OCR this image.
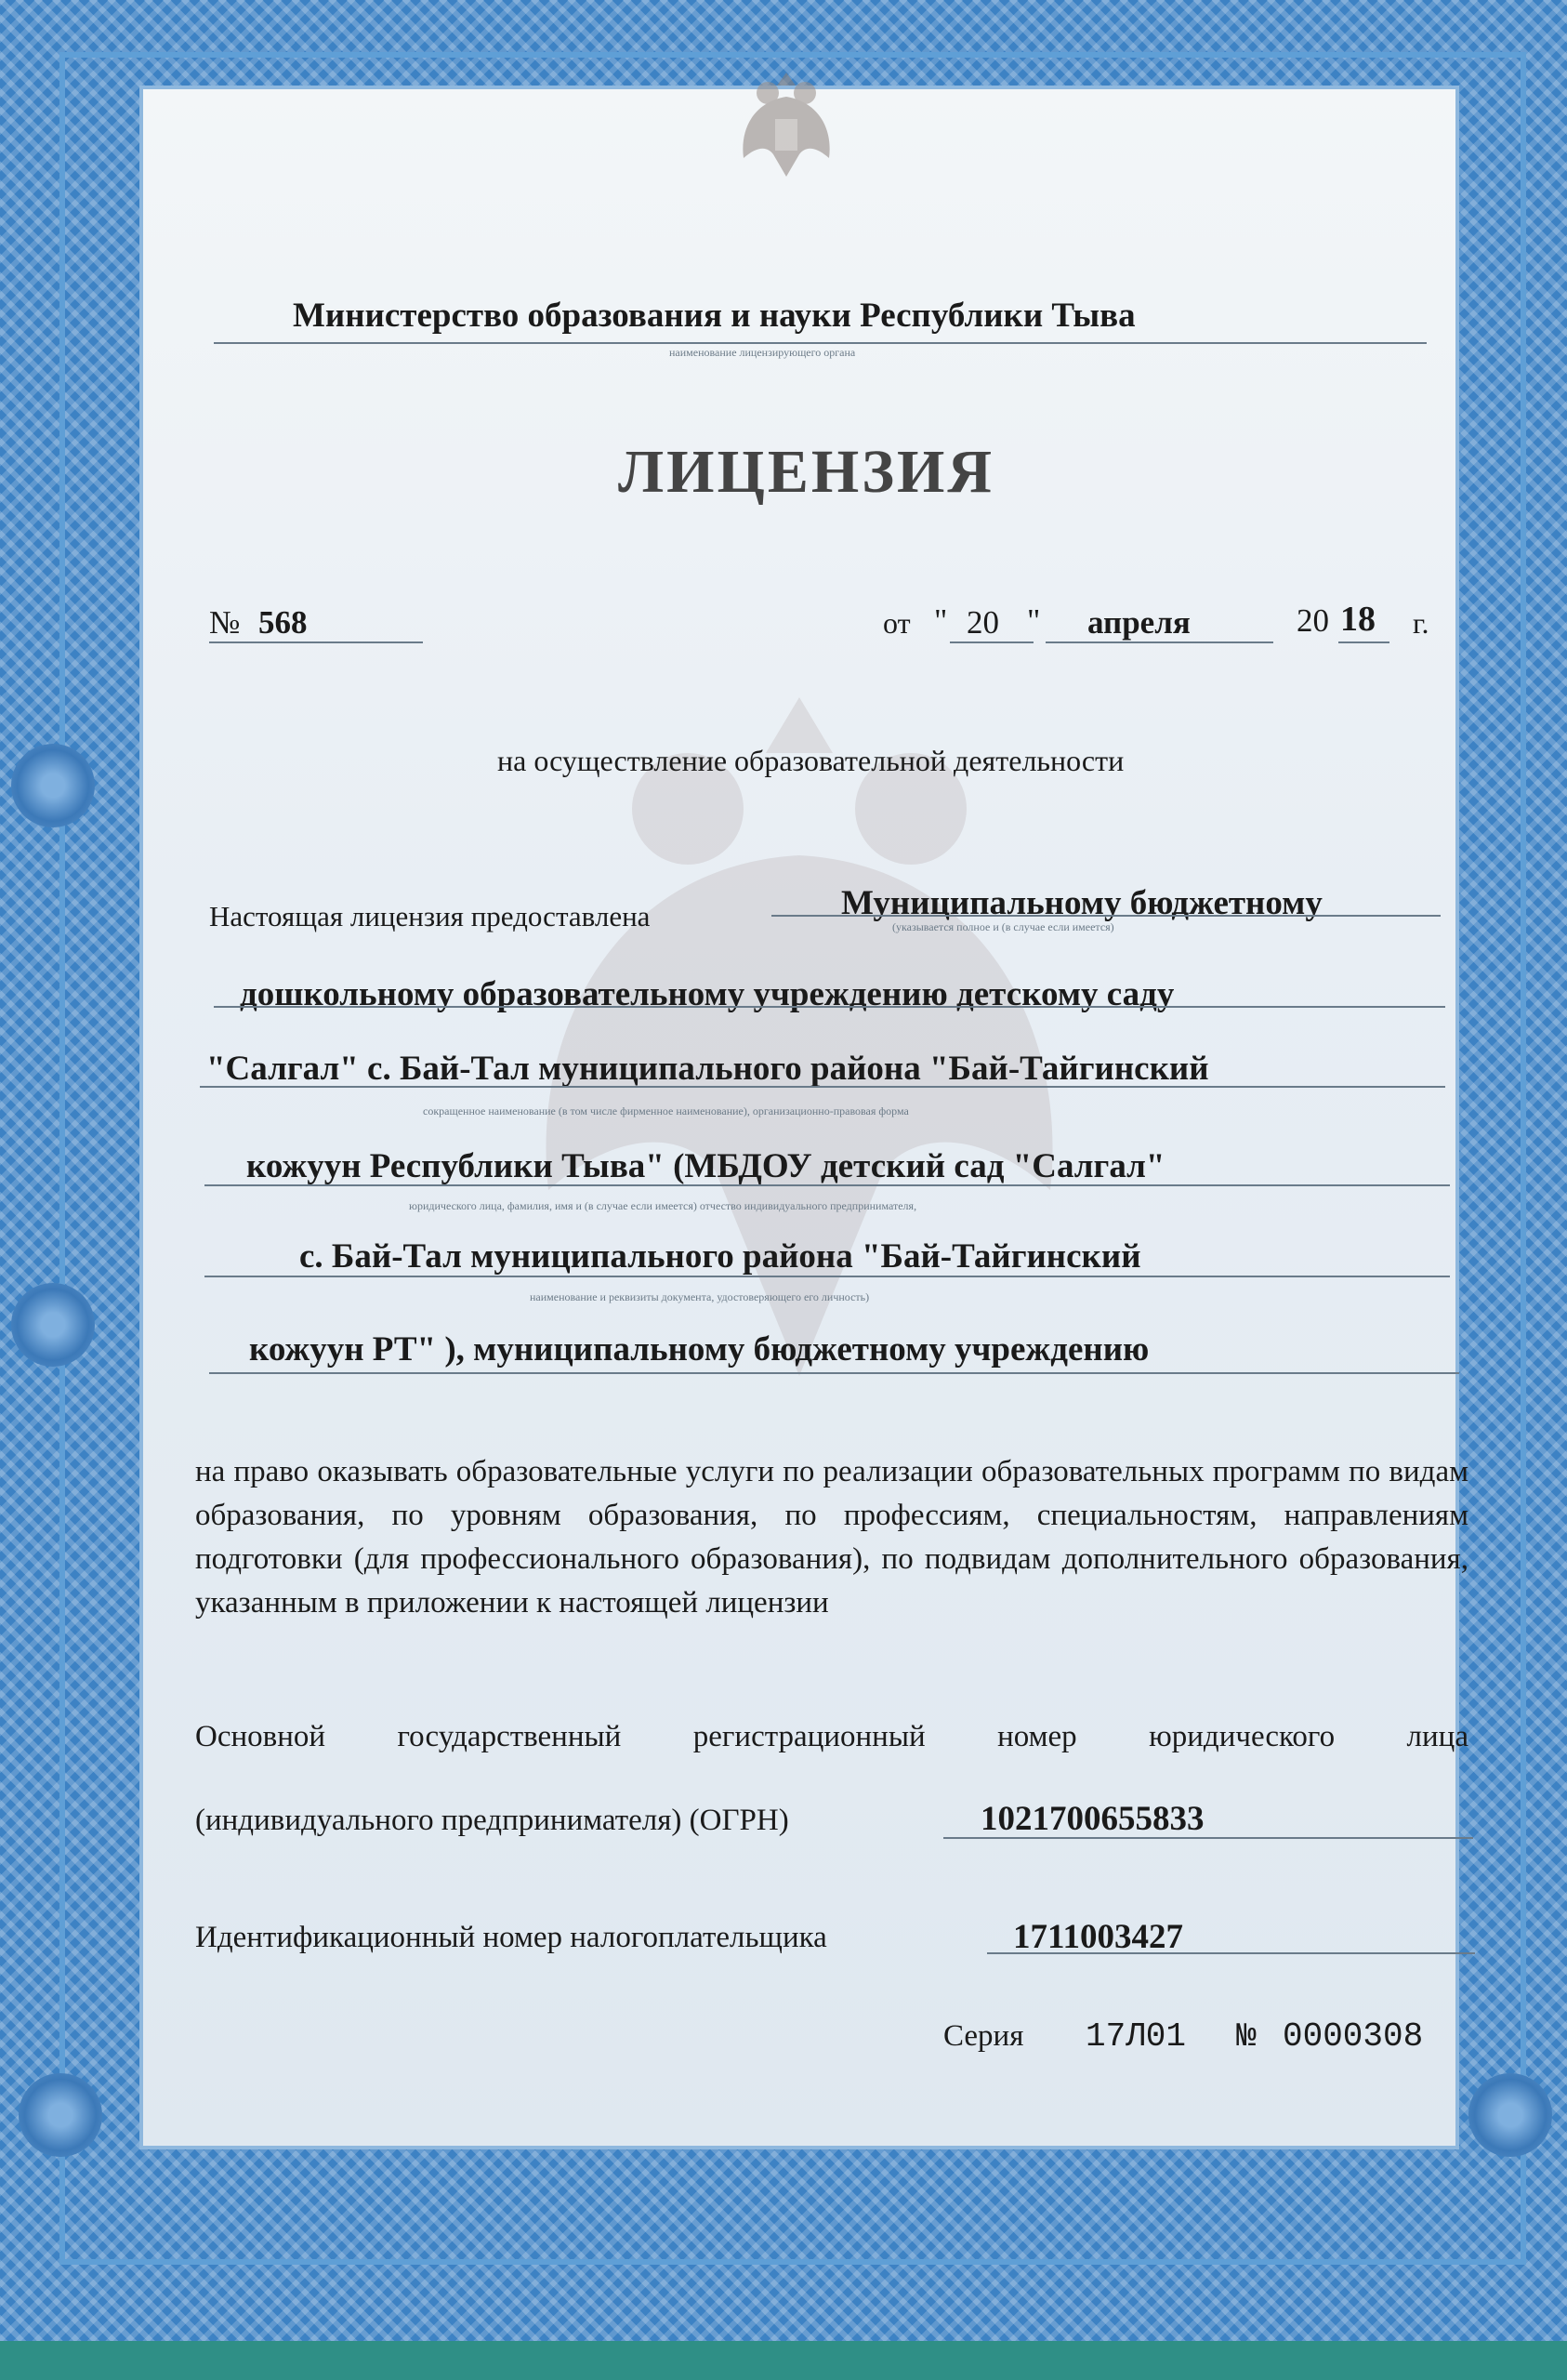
Министерство образования и науки Республики Тыва
наименование лицензирующего органа
ЛИЦЕНЗИЯ
№ 568	от " 20 " апреля	20 18 г.
на осуществление образовательной деятельности
Настоящая лицензия предоставлена	Муниципальному бюджетному
(указывается полное и (в случае если имеется)
дошкольному образовательному учреждению детскому саду
"Салгал" с. Бай-Тал муниципального района "Бай-Тайгинский
сокращенное наименование (в том числе фирменное наименование), организационно-правовая форма
кожуун Республики Тыва" (МБДОУ детский сад "Салгал"
юридического лица, фамилия, имя и (в случае если имеется) отчество индивидуального предпринимателя,
с. Бай-Тал муниципального района "Бай-Тайгинский
наименование и реквизиты документа, удостоверяющего его личность)
кожуун РТ" ), муниципальному бюджетному учреждению
на право оказывать образовательные услуги по реализации образовательных программ по видам образования, по уровням образования, по профессиям, специальностям, направлениям подготовки (для профессионального образования), по подвидам дополнительного образования, указанным в приложении к настоящей лицензии
Основной государственный регистрационный номер юридического лица
(индивидуального предпринимателя) (ОГРН)	1021700655833
Идентификационный номер налогоплательщика	1711003427
Серия 17Л01 № 0000308
